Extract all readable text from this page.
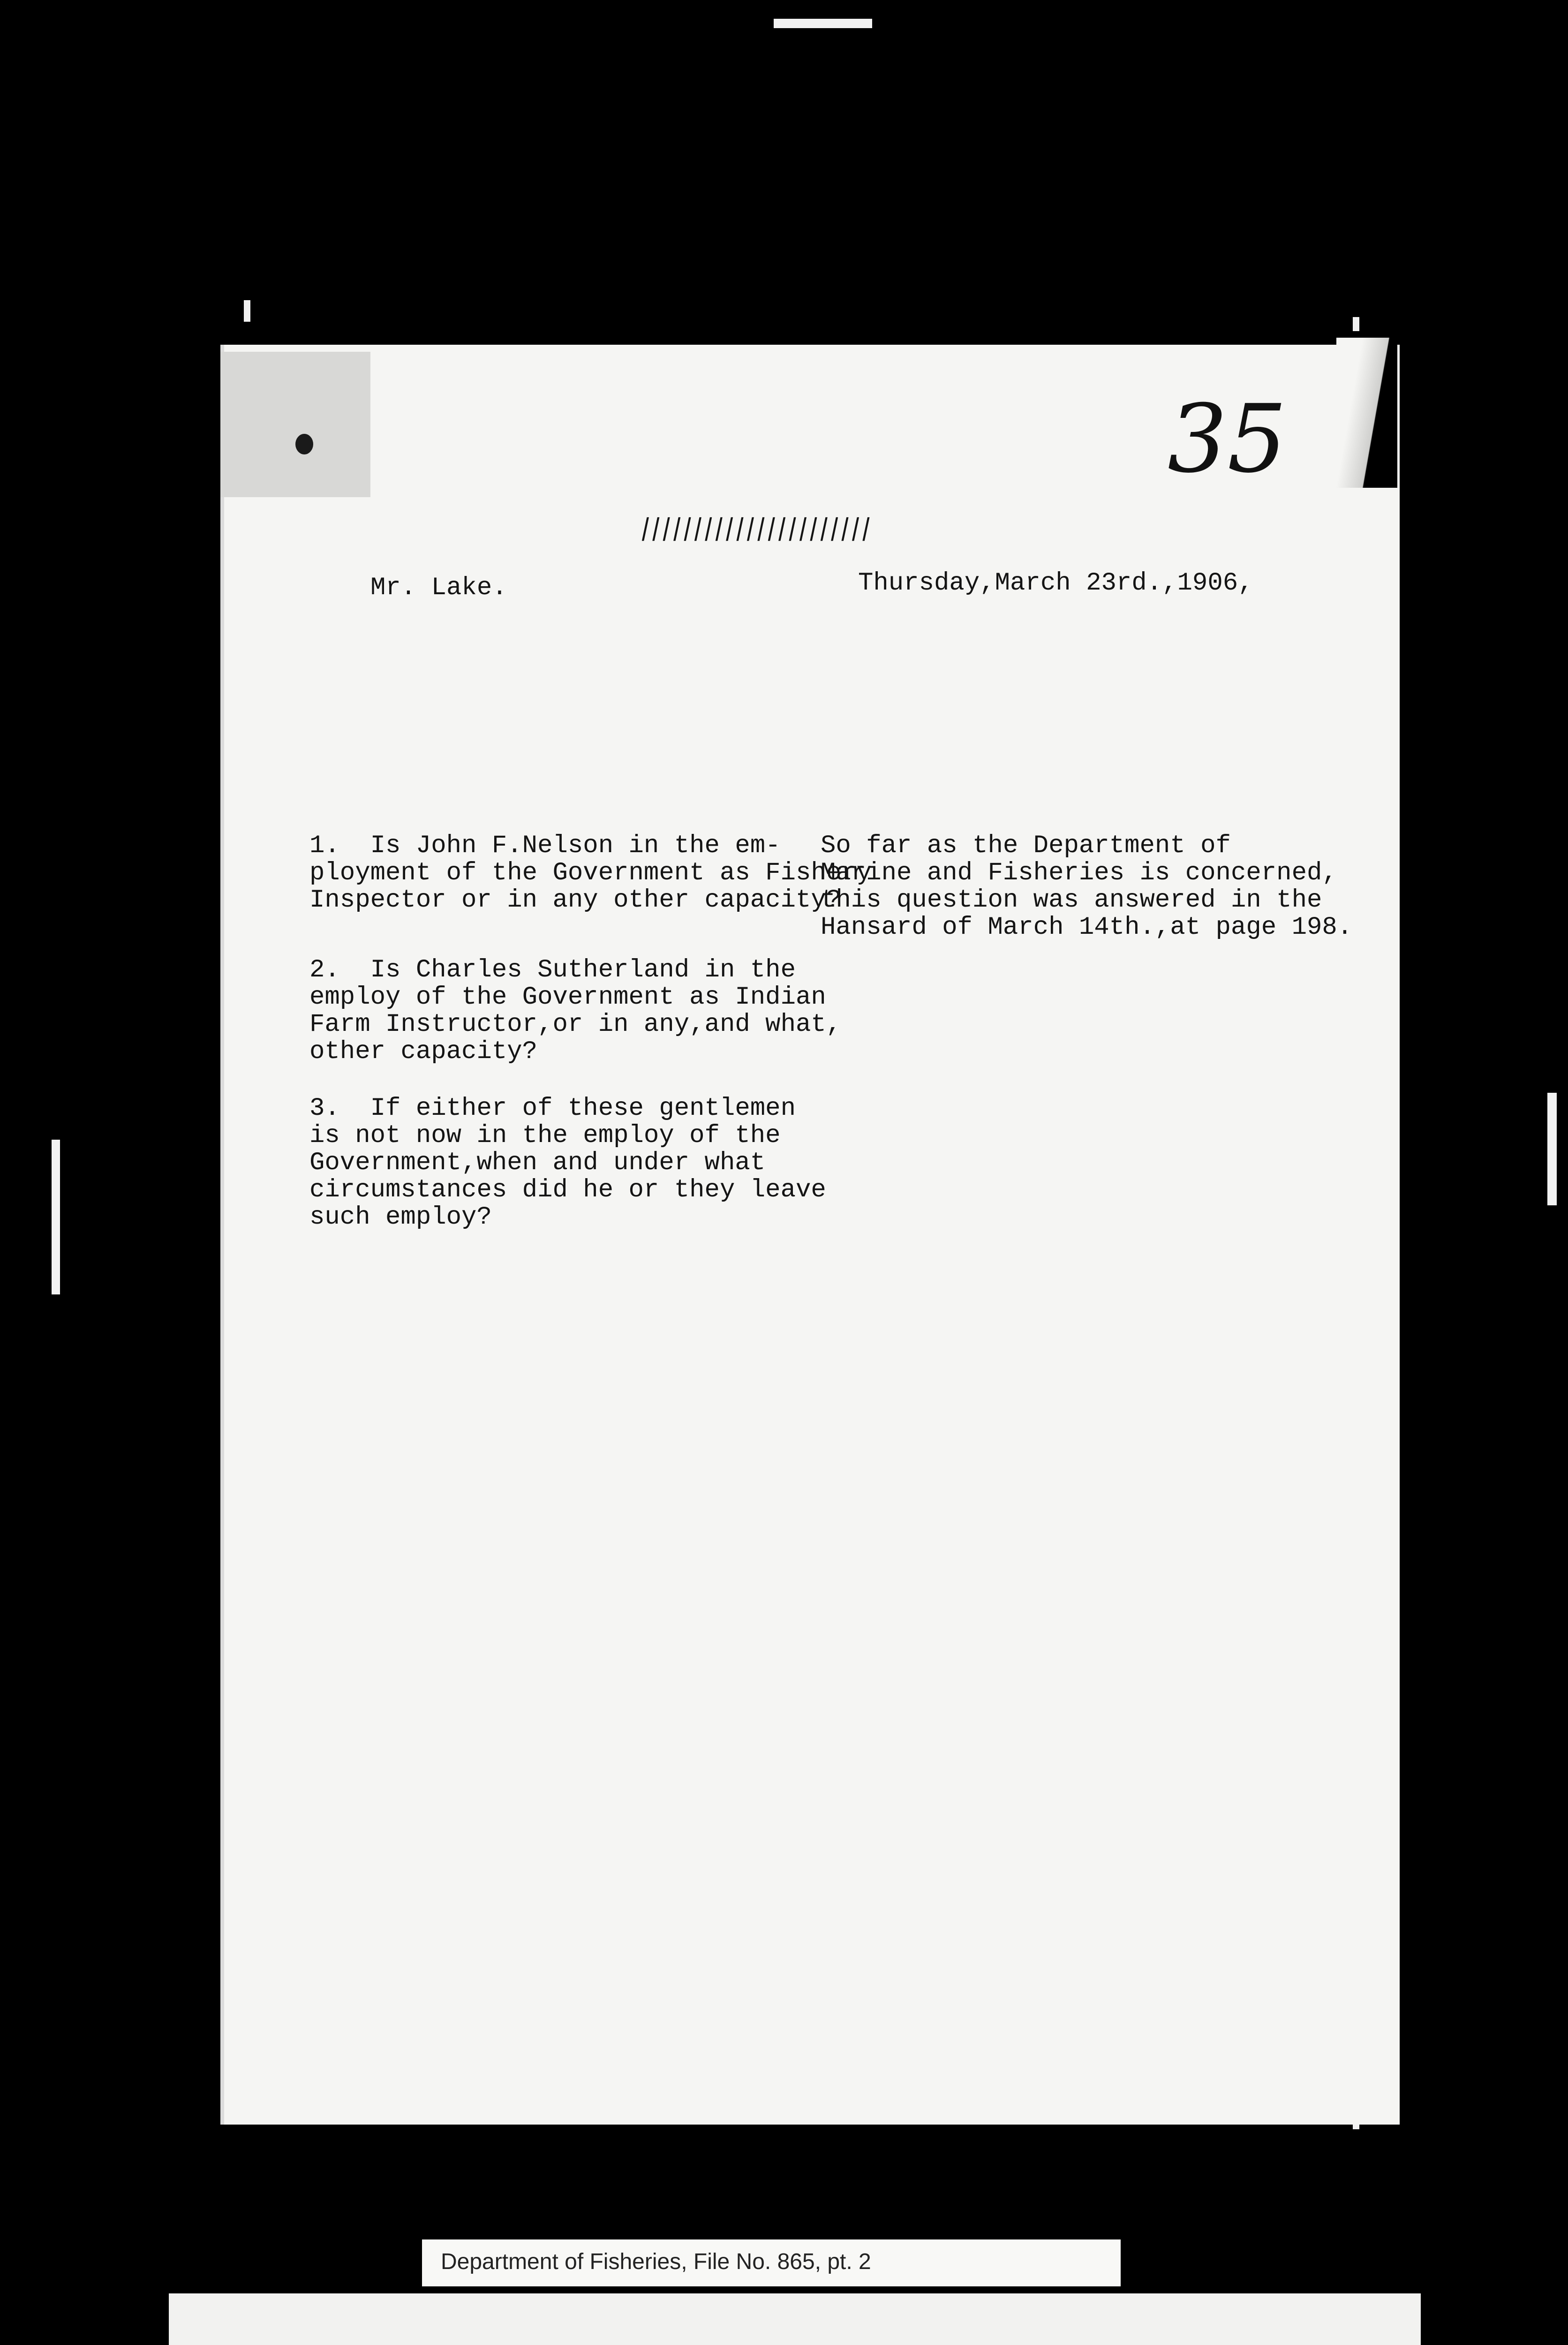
35
||||||||||||||||||||||
Mr. Lake.	Thursday,March 23rd.,1906,
1.  Is John F.Nelson in the em-
ployment of the Government as Fishery
Inspector or in any other capacity?
2.  Is Charles Sutherland in the
employ of the Government as Indian
Farm Instructor,or in any,and what,
other capacity?
3.  If either of these gentlemen
is not now in the employ of the
Government,when and under what
circumstances did he or they leave
such employ?
So far as the Department of
Marine and Fisheries is concerned,
this question was answered in the
Hansard of March 14th.,at page 198.
Department of Fisheries, File No. 865, pt. 2
